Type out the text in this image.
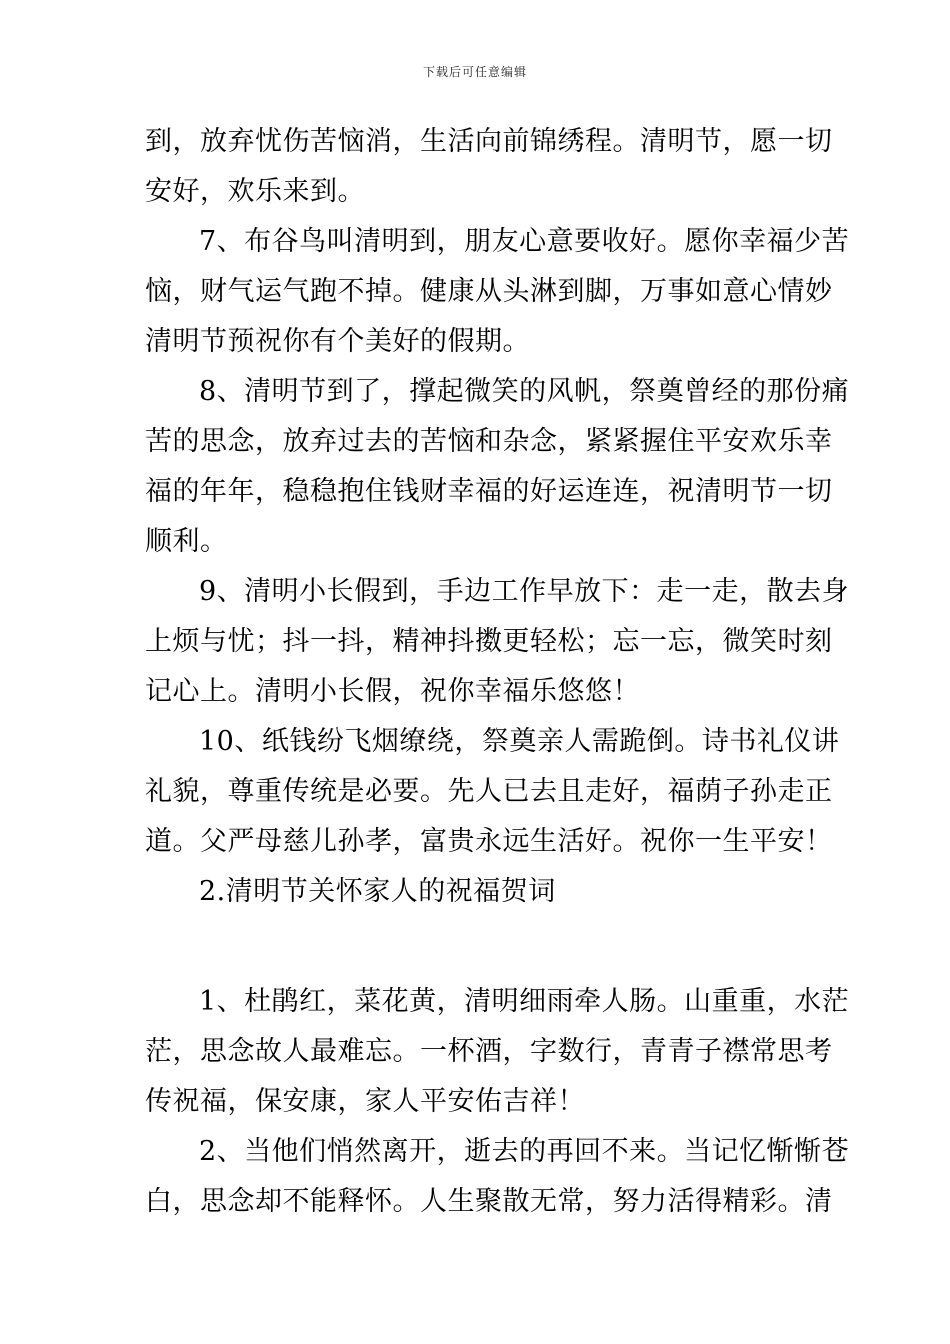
下载后可任意编辑
到，放弃忧伤苦恼消，生活向前锦绣程。清明节，愿一切
安好，欢乐来到。
7、布谷鸟叫清明到，朋友心意要收好。愿你幸福少苦
恼，财气运气跑不掉。健康从头淋到脚，万事如意心情妙
清明节预祝你有个美好的假期。
8、清明节到了，撑起微笑的风帆，祭奠曾经的那份痛
苦的思念，放弃过去的苦恼和杂念，紧紧握住平安欢乐幸
福的年年，稳稳抱住钱财幸福的好运连连，祝清明节一切
顺利。
9、清明小长假到，手边工作早放下：走一走，散去身
上烦与忧；抖一抖，精神抖擞更轻松；忘一忘，微笑时刻
记心上。清明小长假，祝你幸福乐悠悠！
10、纸钱纷飞烟缭绕，祭奠亲人需跪倒。诗书礼仪讲
礼貌，尊重传统是必要。先人已去且走好，福荫子孙走正
道。父严母慈儿孙孝，富贵永远生活好。祝你一生平安！
2.清明节关怀家人的祝福贺词
1、杜鹃红，菜花黄，清明细雨牵人肠。山重重，水茫
茫，思念故人最难忘。一杯酒，字数行，青青子襟常思考
传祝福，保安康，家人平安佑吉祥！
2、当他们悄然离开，逝去的再回不来。当记忆惭惭苍
白，思念却不能释怀。人生聚散无常，努力活得精彩。清
